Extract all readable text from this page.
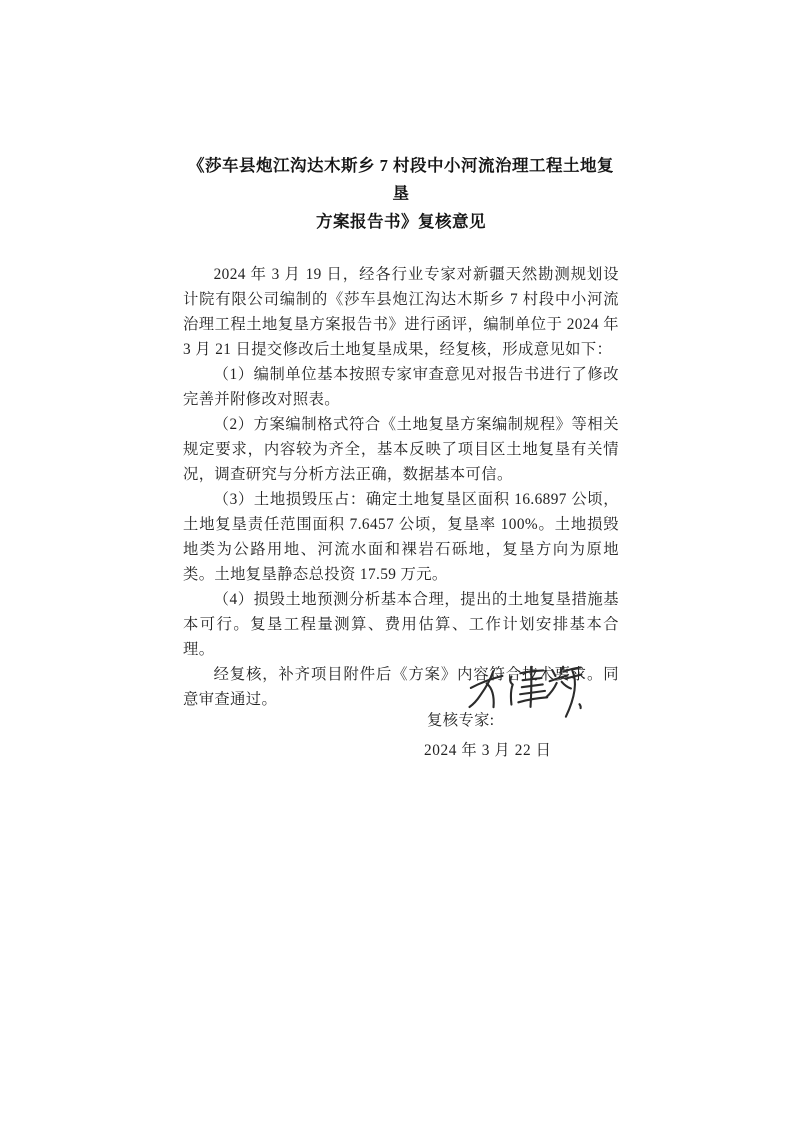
《莎车县炮江沟达木斯乡 7 村段中小河流治理工程土地复垦
方案报告书》复核意见

2024 年 3 月 19 日，经各行业专家对新疆天然勘测规划设计院有限公司编制的《莎车县炮江沟达木斯乡 7 村段中小河流治理工程土地复垦方案报告书》进行函评，编制单位于 2024 年 3 月 21 日提交修改后土地复垦成果，经复核，形成意见如下：

（1）编制单位基本按照专家审查意见对报告书进行了修改完善并附修改对照表。

（2）方案编制格式符合《土地复垦方案编制规程》等相关规定要求，内容较为齐全，基本反映了项目区土地复垦有关情况，调查研究与分析方法正确，数据基本可信。

（3）土地损毁压占：确定土地复垦区面积 16.6897 公顷，土地复垦责任范围面积 7.6457 公顷，复垦率 100%。土地损毁地类为公路用地、河流水面和裸岩石砾地，复垦方向为原地类。土地复垦静态总投资 17.59 万元。

（4）损毁土地预测分析基本合理，提出的土地复垦措施基本可行。复垦工程量测算、费用估算、工作计划安排基本合理。

经复核，补齐项目附件后《方案》内容符合技术要求。同意审查通过。

复核专家:
2024 年 3 月 22 日
